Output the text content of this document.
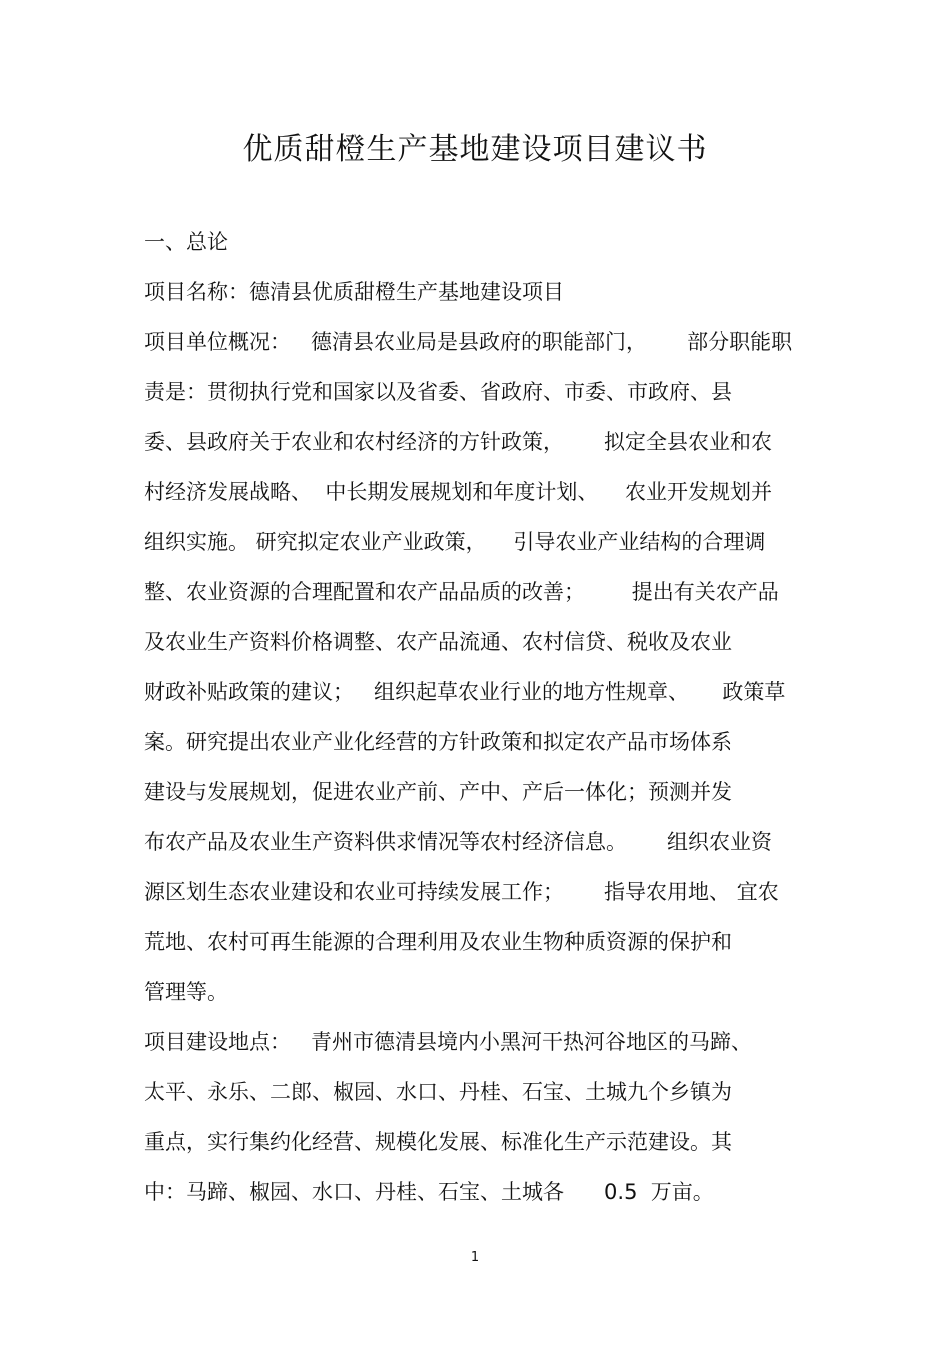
优质甜橙生产基地建设项目建议书
一、总论
项目名称：德清县优质甜橙生产基地建设项目
项目单位概况：   德清县农业局是县政府的职能部门，      部分职能职
责是：贯彻执行党和国家以及省委、省政府、市委、市政府、县
委、县政府关于农业和农村经济的方针政策，      拟定全县农业和农
村经济发展战略、  中长期发展规划和年度计划、    农业开发规划并
组织实施。 研究拟定农业产业政策，    引导农业产业结构的合理调
整、农业资源的合理配置和农产品品质的改善；       提出有关农产品
及农业生产资料价格调整、农产品流通、农村信贷、税收及农业
财政补贴政策的建议；   组织起草农业行业的地方性规章、     政策草
案。研究提出农业产业化经营的方针政策和拟定农产品市场体系
建设与发展规划，促进农业产前、产中、产后一体化；预测并发
布农产品及农业生产资料供求情况等农村经济信息。      组织农业资
源区划生态农业建设和农业可持续发展工作；      指导农用地、 宜农
荒地、农村可再生能源的合理利用及农业生物种质资源的保护和
管理等。
项目建设地点：   青州市德清县境内小黑河干热河谷地区的马蹄、
太平、永乐、二郎、椒园、水口、丹桂、石宝、土城九个乡镇为
重点，实行集约化经营、规模化发展、标准化生产示范建设。其
中：马蹄、椒园、水口、丹桂、石宝、土城各      0.5  万亩。
1
